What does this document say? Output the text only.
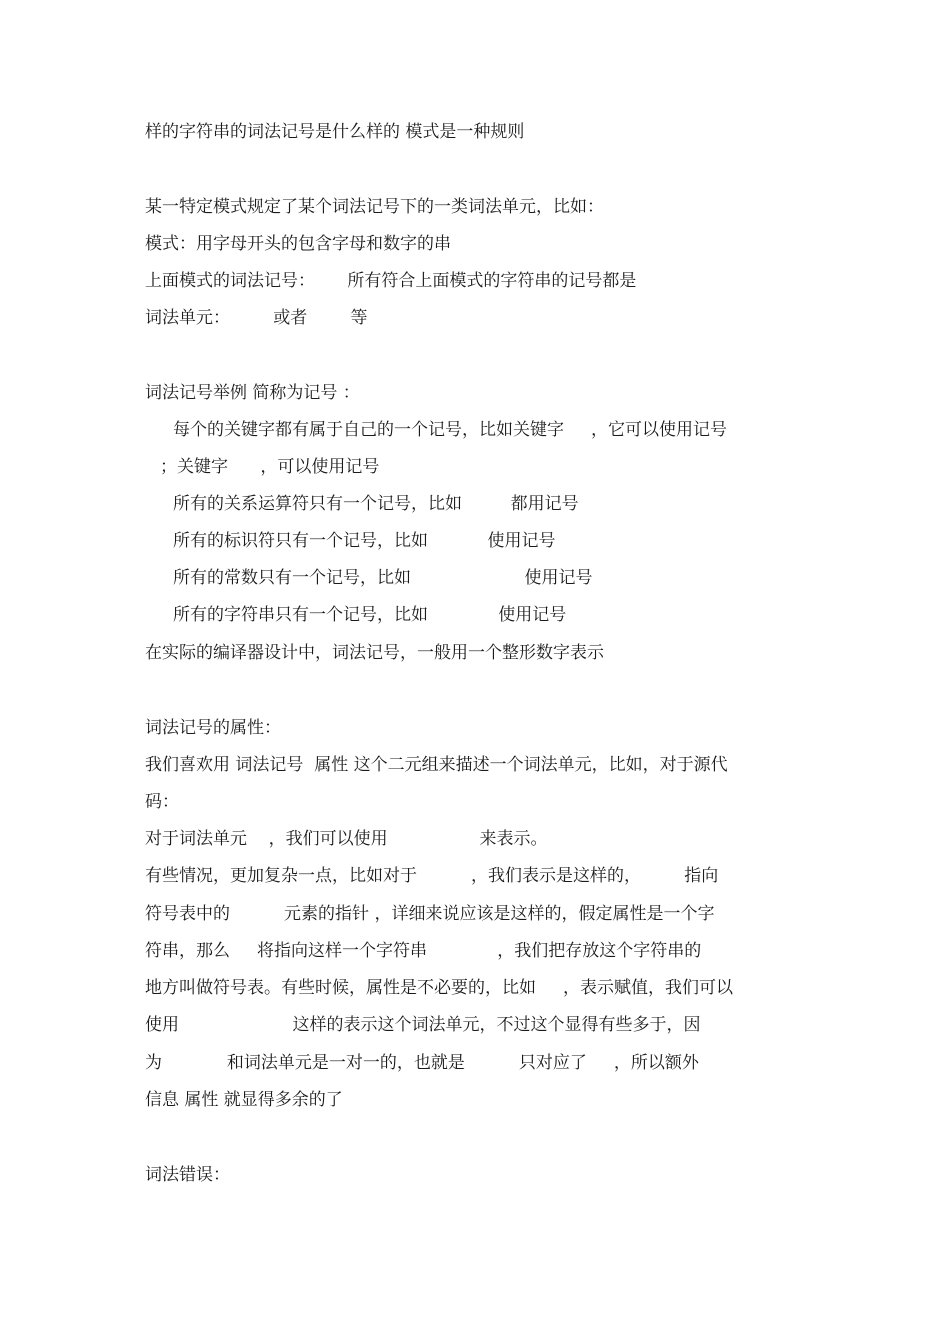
样的字符串的词法记号是什么样的 模式是一种规则
某一特定模式规定了某个词法记号下的一类词法单元，比如：
模式：用字母开头的包含字母和数字的串
上面模式的词法记号：      所有符合上面模式的字符串的记号都是
词法单元：        或者        等
词法记号举例 简称为记号 ：
每个的关键字都有属于自己的一个记号，比如关键字     ，它可以使用记号
；关键字      ，可以使用记号
所有的关系运算符只有一个记号，比如         都用记号
所有的标识符只有一个记号，比如           使用记号
所有的常数只有一个记号，比如                     使用记号
所有的字符串只有一个记号，比如             使用记号
在实际的编译器设计中，词法记号，一般用一个整形数字表示
词法记号的属性：
我们喜欢用 词法记号  属性 这个二元组来描述一个词法单元，比如，对于源代
码：
对于词法单元    ，我们可以使用                 来表示。
有些情况，更加复杂一点，比如对于          ，我们表示是这样的，        指向
符号表中的          元素的指针 ，详细来说应该是这样的，假定属性是一个字
符串，那么     将指向这样一个字符串             ，我们把存放这个字符串的
地方叫做符号表。有些时候，属性是不必要的，比如     ，表示赋值，我们可以
使用                     这样的表示这个词法单元，不过这个显得有些多于，因
为            和词法单元是一对一的，也就是          只对应了     ，所以额外
信息 属性 就显得多余的了
词法错误：
